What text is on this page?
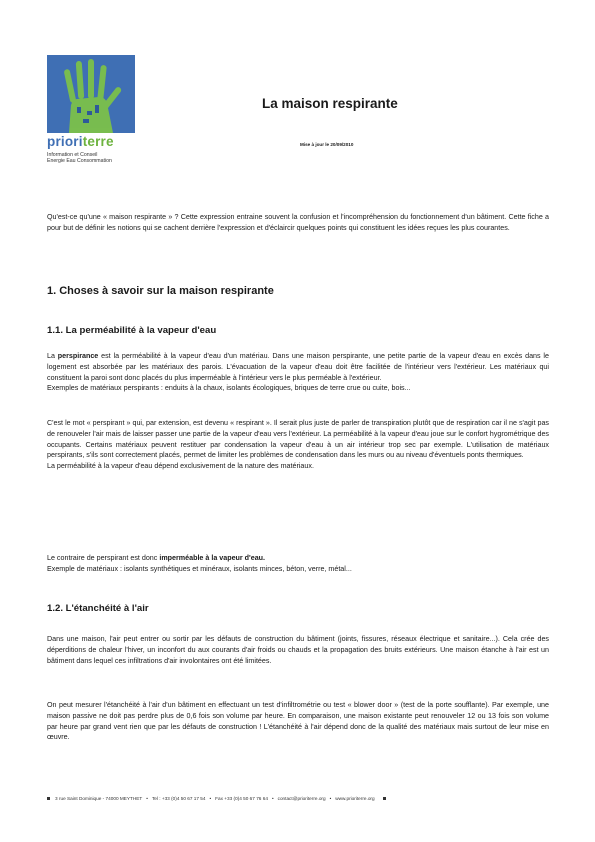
prioriterre
Information et Conseil
Energie Eau Consommation
La maison respirante
Mise à jour le 20/09/2010

Qu'est-ce qu'une « maison respirante » ? Cette expression entraine souvent la confusion et l'incompréhension du fonctionnement d'un bâtiment. Cette fiche a pour but de définir les notions qui se cachent derrière l'expression et d'éclaircir quelques points qui constituent les idées reçues les plus courantes.

1. Choses à savoir sur la maison respirante
1.1. La perméabilité à la vapeur d'eau

La perspirance est la perméabilité à la vapeur d'eau d'un matériau. Dans une maison perspirante, une petite partie de la vapeur d'eau en excès dans le logement est absorbée par les matériaux des parois. L'évacuation de la vapeur d'eau doit être facilitée de l'intérieur vers l'extérieur. Les matériaux qui constituent la paroi sont donc placés du plus imperméable à l'intérieur vers le plus perméable à l'extérieur.
Exemples de matériaux perspirants : enduits à la chaux, isolants écologiques, briques de terre crue ou cuite, bois...

C'est le mot « perspirant » qui, par extension, est devenu « respirant ». Il serait plus juste de parler de transpiration plutôt que de respiration car il ne s'agit pas de renouveler l'air mais de laisser passer une partie de la vapeur d'eau vers l'extérieur. La perméabilité à la vapeur d'eau joue sur le confort hygrométrique des occupants. Certains matériaux peuvent restituer par condensation la vapeur d'eau à un air intérieur trop sec par exemple. L'utilisation de matériaux perspirants, s'ils sont correctement placés, permet de limiter les problèmes de condensation dans les murs ou au niveau d'éventuels ponts thermiques.
La perméabilité à la vapeur d'eau dépend exclusivement de la nature des matériaux.

Le contraire de perspirant est donc imperméable à la vapeur d'eau.
Exemple de matériaux : isolants synthétiques et minéraux, isolants minces, béton, verre, métal...

1.2. L'étanchéité à l'air

Dans une maison, l'air peut entrer ou sortir par les défauts de construction du bâtiment (joints, fissures, réseaux électrique et sanitaire...). Cela crée des déperditions de chaleur l'hiver, un inconfort du aux courants d'air froids ou chauds et la propagation des bruits extérieurs. Une maison étanche à l'air est un bâtiment dans lequel ces infiltrations d'air involontaires ont été limitées.

On peut mesurer l'étanchéité à l'air d'un bâtiment en effectuant un test d'infiltrométrie ou test « blower door » (test de la porte soufflante). Par exemple, une maison passive ne doit pas perdre plus de 0,6 fois son volume par heure. En comparaison, une maison existante peut renouveler 12 ou 13 fois son volume par heure par grand vent rien que par les défauts de construction ! L'étanchéité à l'air dépend donc de la qualité des matériaux mais surtout de leur mise en œuvre.

3 rue Saint Dominique - 74000 MEYTHET • Tel : +33 (0)4 50 67 17 54 • Fax +33 (0)4 50 67 76 64 • contact@prioriterre.org • www.prioriterre.org
